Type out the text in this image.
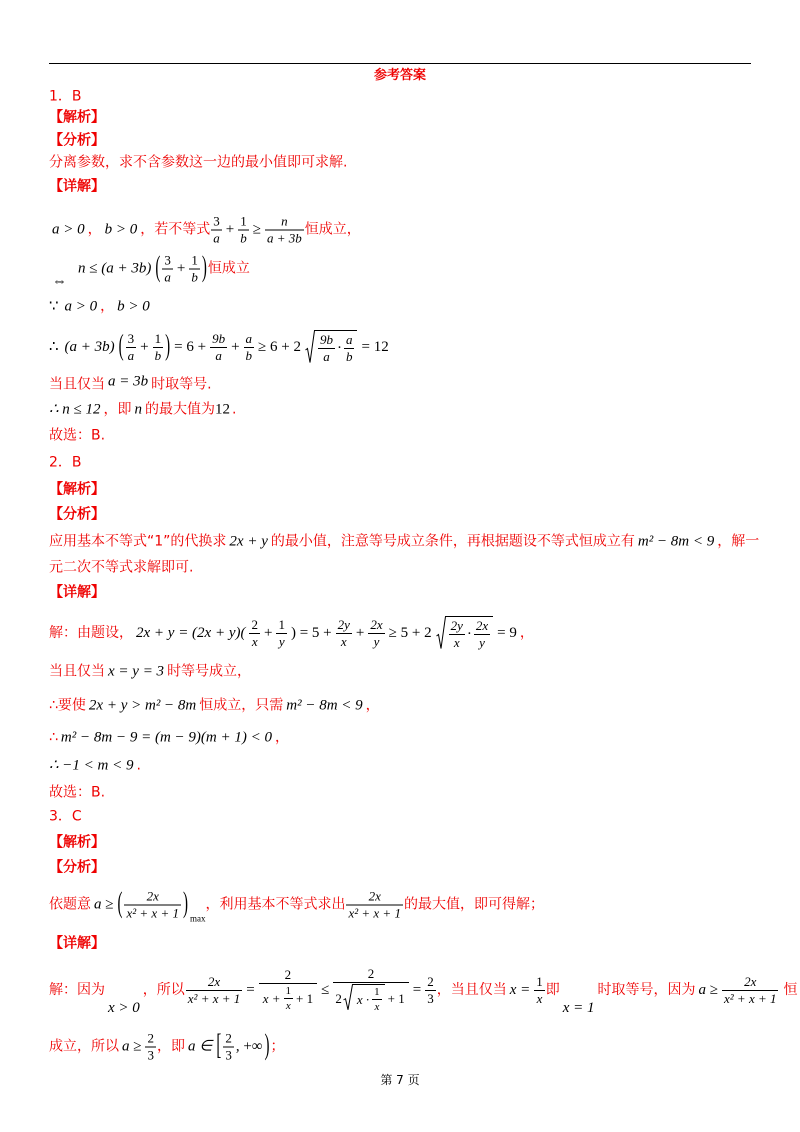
参考答案
1．B
【解析】
【分析】
分离参数，求不含参数这一边的最小值即可求解.
【详解】
a > 0 ， b > 0 ， 若不等式 $\frac{3}{a} + \frac{1}{b} \ge \frac{n}{a + 3b}$ 恒成立，
⇔
n ≤ (a + 3b) ( $\frac{3}{a} + \frac{1}{b}$ ) 恒成立
∵ a > 0 ， b > 0
∴ (a + 3b) ( $\frac{3}{a} + \frac{1}{b}$ ) = $6 + \frac{9b}{a} + \frac{a}{b} \ge 6 + 2 \frac{9b}{a} \cdot \frac{a}{b} = 12$
当且仅当 a = 3b 时取等号.
∴ n ≤ 12 ，即 n 的最大值为 12 .
故选：B.
2．B
【解析】
【分析】
应用基本不等式“1”的代换求 2x + y 的最小值，注意等号成立条件，再根据题设不等式恒成立有 m² − 8m < 9 ，解一
元二次不等式求解即可.
【详解】
解：由题设， $2x + y = (2x + y)( \frac{2}{x} + \frac{1}{y}$ ) = $5 + \frac{2y}{x} + \frac{2x}{y} \ge 5 + 2 \frac{2y}{x} \cdot \frac{2x}{y} = 9$ ，
当且仅当 x = y = 3 时等号成立，
∴要使 2x + y > m² − 8m 恒成立，只需 m² − 8m < 9 ，
∴ m² − 8m − 9 = (m − 9)(m + 1) < 0 ，
∴ −1 < m < 9 .
故选：B.
3．C
【解析】
【分析】
依题意 a ≥ ( $\frac{2x}{\text{x² + x + 1}}$ ) max
，利用基本不等式求出 $\frac{2x}{\text{x² + x + 1}}$ 的最大值，即可得解；
【详解】
解：因为
x > 0
，所以 $\frac{2x}{\text{x² + x + 1}} = \frac{2}{x + \frac{1}{x} + 1}$ ≤
2
2 $x \cdot \frac{1}{x} + 1$
= $\frac{2}{3}$ ，当且仅当 $x = \frac{1}{x}$ 即
x = 1
时取等号，因为 $a \ge \frac{2x}{\text{x² + x + 1}}$ 恒
成立，所以 $a \ge \frac{2}{3}$ ，即 a ∈ [ $\frac{2}{3}$ , +∞ ) ；
第 7 页
